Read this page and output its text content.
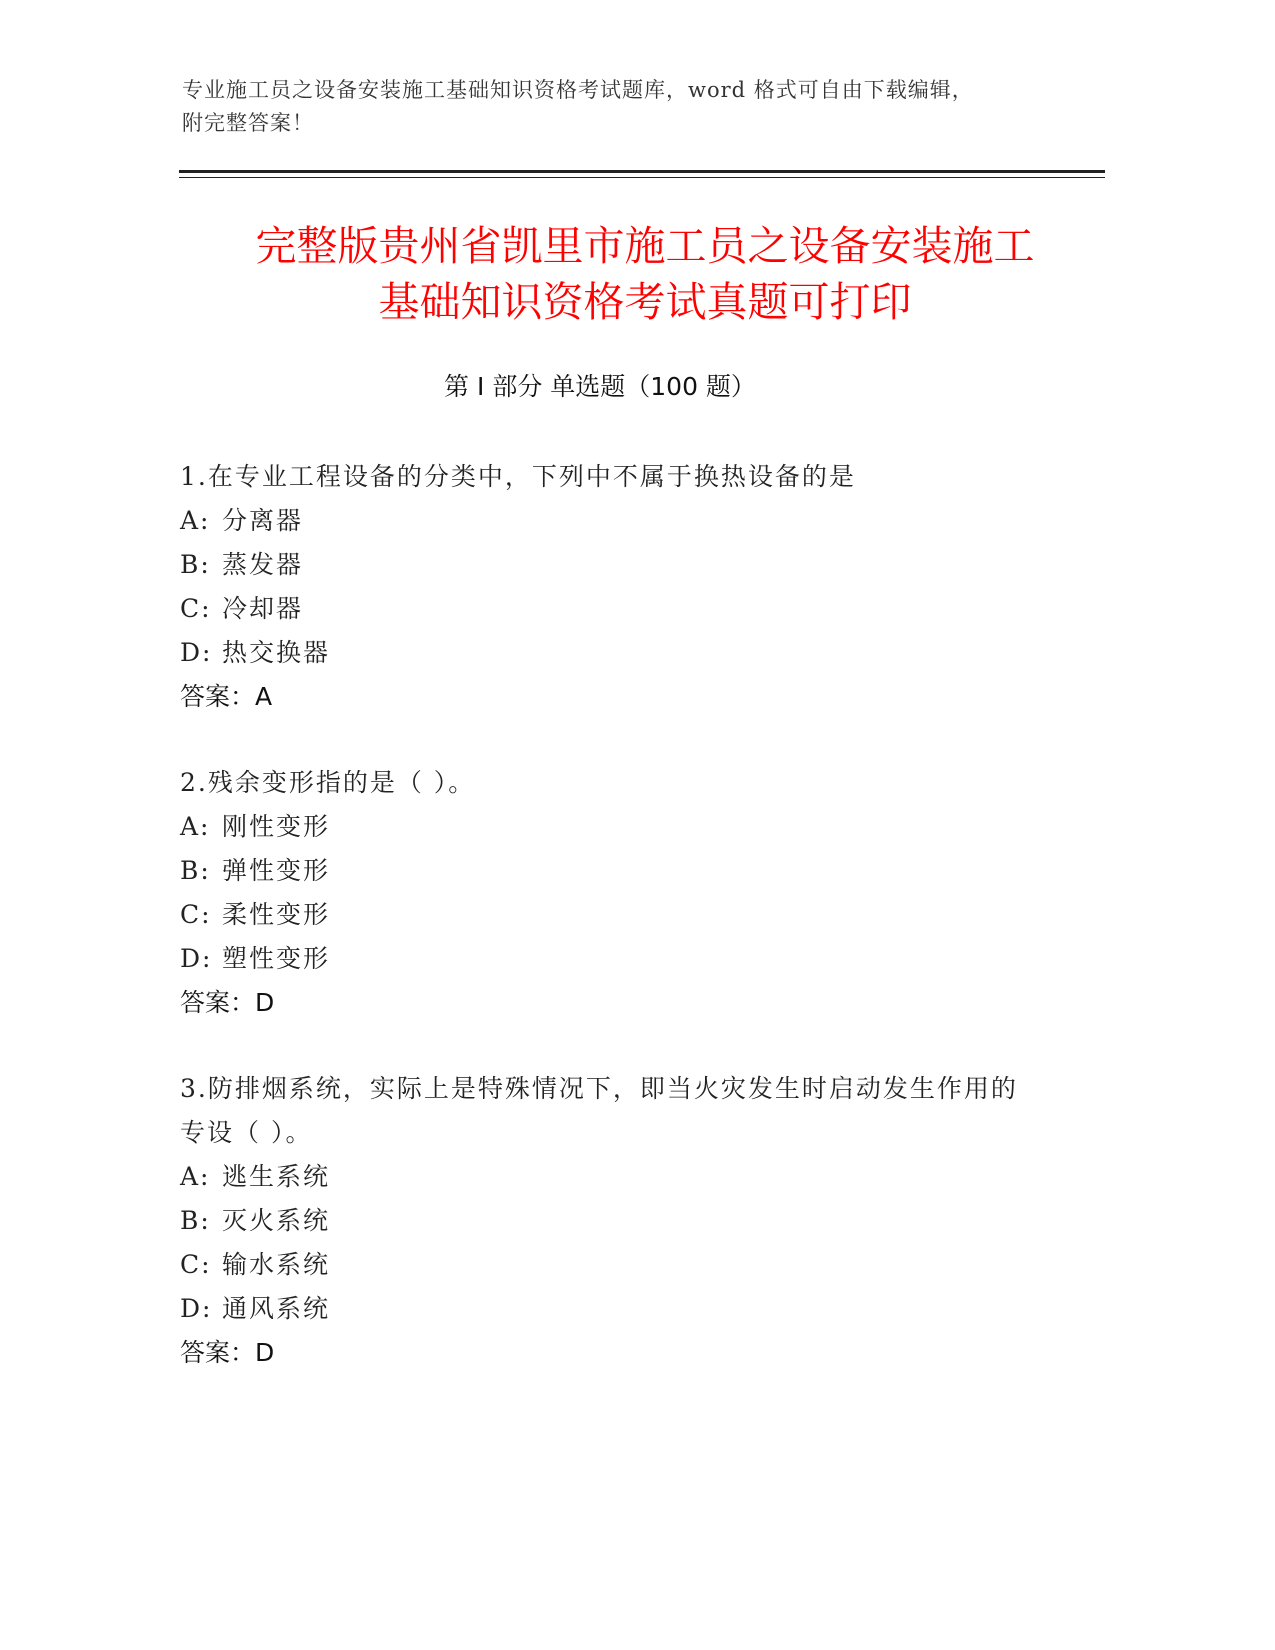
专业施工员之设备安装施工基础知识资格考试题库，word 格式可自由下载编辑，
附完整答案！
完整版贵州省凯里市施工员之设备安装施工
基础知识资格考试真题可打印
第 I 部分 单选题（100 题）

1.在专业工程设备的分类中，下列中不属于换热设备的是

A: 分离器

B: 蒸发器

C: 冷却器

D: 热交换器

答案：A

2.残余变形指的是（ ）。

A: 刚性变形

B: 弹性变形

C: 柔性变形

D: 塑性变形

答案：D

3.防排烟系统，实际上是特殊情况下，即当火灾发生时启动发生作用的专设（ ）。

A: 逃生系统

B: 灭火系统

C: 输水系统

D: 通风系统

答案：D
